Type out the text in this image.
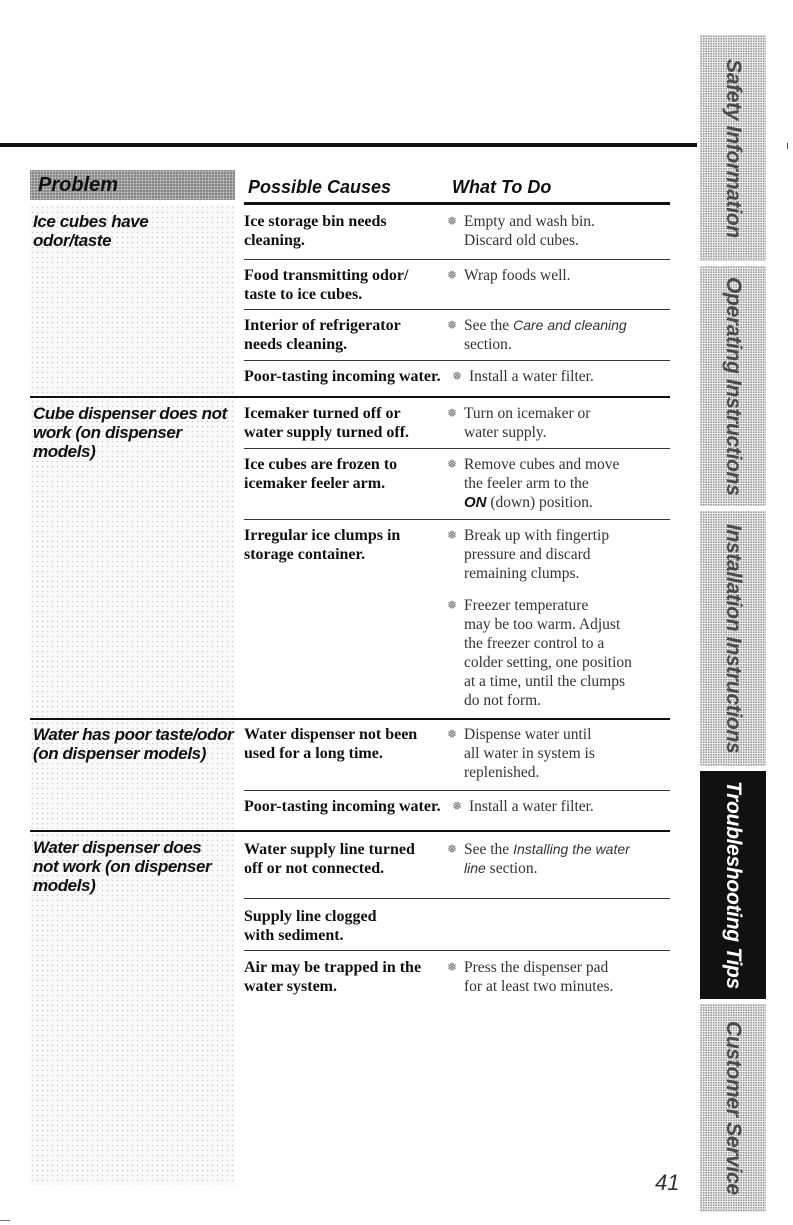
Problem	Possible Causes	What To Do
Ice cubes have
odor/taste
Ice storage bin needs
cleaning.
❅ Empty and wash bin.
Discard old cubes.
Food transmitting odor/
taste to ice cubes.
❅ Wrap foods well.
Interior of refrigerator
needs cleaning.
❅ See the Care and cleaning
section.
Poor-tasting incoming water. ❅ Install a water filter.
Cube dispenser does not
work (on dispenser
models)
Icemaker turned off or
water supply turned off.
❅ Turn on icemaker or
water supply.
Ice cubes are frozen to
icemaker feeler arm.
❅ Remove cubes and move
the feeler arm to the
ON (down) position.
Irregular ice clumps in
storage container.
❅ Break up with fingertip
pressure and discard
remaining clumps.
❅ Freezer temperature
may be too warm. Adjust
the freezer control to a
colder setting, one position
at a time, until the clumps
do not form.
Water has poor taste/odor
(on dispenser models)
Water dispenser not been
used for a long time.
❅ Dispense water until
all water in system is
replenished.
Poor-tasting incoming water. ❅ Install a water filter.
Water dispenser does
not work (on dispenser
models)
Water supply line turned
off or not connected.
❅ See the Installing the water
line section.
Supply line clogged
with sediment.
Air may be trapped in the
water system.
❅ Press the dispenser pad
for at least two minutes.
Safety Information
Operating Instructions
Installation Instructions
Troubleshooting Tips
Customer Service
41
